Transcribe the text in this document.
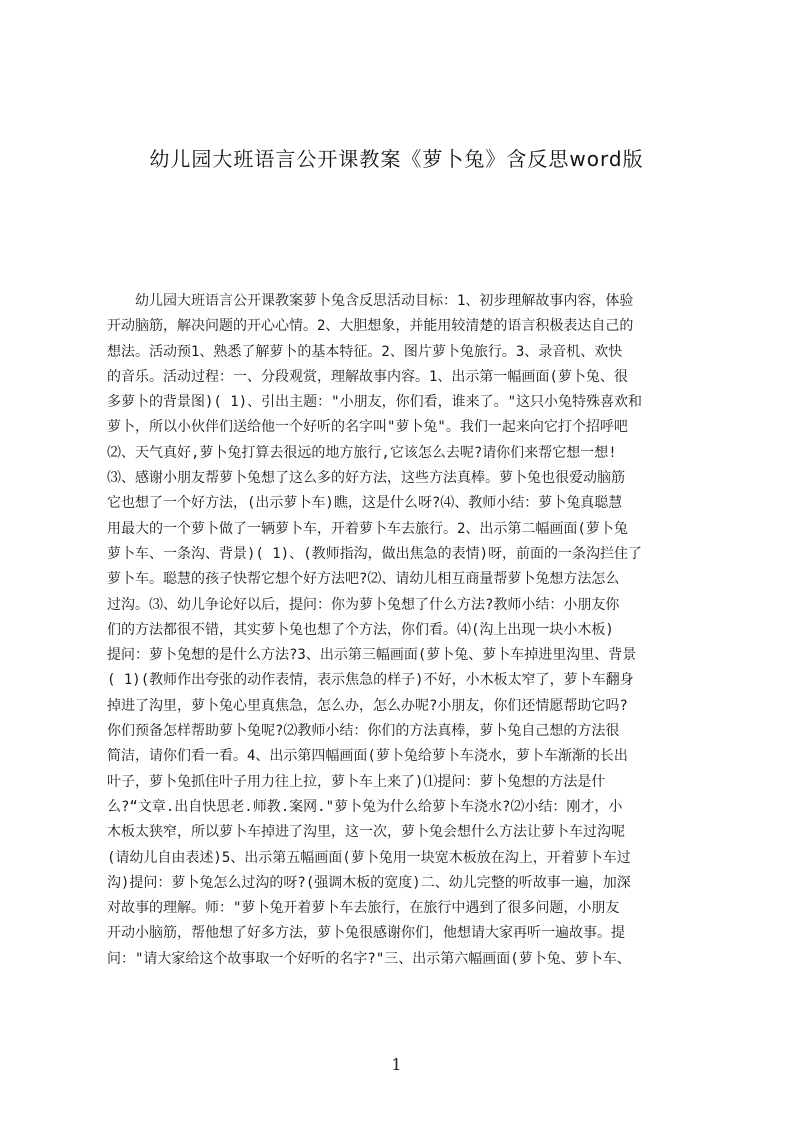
幼儿园大班语言公开课教案《萝卜兔》含反思word版
　　幼儿园大班语言公开课教案萝卜兔含反思活动目标：1、初步理解故事内容，体验
开动脑筋，解决问题的开心心情。2、大胆想象，并能用较清楚的语言积极表达自己的
想法。活动预1、熟悉了解萝卜的基本特征。2、图片萝卜兔旅行。3、录音机、欢快
的音乐。活动过程：一、分段观赏，理解故事内容。1、出示第一幅画面(萝卜兔、很
多萝卜的背景图)( 1)、引出主题："小朋友，你们看，谁来了。"这只小兔特殊喜欢和
萝卜，所以小伙伴们送给他一个好听的名字叫"萝卜兔"。我们一起来向它打个招呼吧
⑵、天气真好,萝卜兔打算去很远的地方旅行,它该怎么去呢?请你们来帮它想一想!
⑶、感谢小朋友帮萝卜兔想了这么多的好方法，这些方法真棒。萝卜兔也很爱动脑筋
它也想了一个好方法，(出示萝卜车)瞧，这是什么呀?⑷、教师小结：萝卜兔真聪慧
用最大的一个萝卜做了一辆萝卜车，开着萝卜车去旅行。2、出示第二幅画面(萝卜兔
萝卜车、一条沟、背景)( 1)、(教师指沟，做出焦急的表情)呀，前面的一条沟拦住了
萝卜车。聪慧的孩子快帮它想个好方法吧?⑵、请幼儿相互商量帮萝卜兔想方法怎么
过沟。⑶、幼儿争论好以后，提问：你为萝卜兔想了什么方法?教师小结：小朋友你
们的方法都很不错，其实萝卜兔也想了个方法，你们看。⑷(沟上出现一块小木板)
提问：萝卜兔想的是什么方法?3、出示第三幅画面(萝卜兔、萝卜车掉进里沟里、背景
( 1)(教师作出夸张的动作表情，表示焦急的样子)不好，小木板太窄了，萝卜车翻身
掉进了沟里，萝卜兔心里真焦急，怎么办，怎么办呢?小朋友，你们还情愿帮助它吗?
你们预备怎样帮助萝卜兔呢?⑵教师小结：你们的方法真棒，萝卜兔自己想的方法很
简洁，请你们看一看。4、出示第四幅画面(萝卜兔给萝卜车浇水，萝卜车渐渐的长出
叶子，萝卜兔抓住叶子用力往上拉，萝卜车上来了)⑴提问：萝卜兔想的方法是什
么?“文章.出自快思老.师教.案网."萝卜兔为什么给萝卜车浇水?⑵小结：刚才，小
木板太狭窄，所以萝卜车掉进了沟里，这一次，萝卜兔会想什么方法让萝卜车过沟呢
(请幼儿自由表述)5、出示第五幅画面(萝卜兔用一块宽木板放在沟上，开着萝卜车过
沟)提问：萝卜兔怎么过沟的呀?(强调木板的宽度)二、幼儿完整的听故事一遍，加深
对故事的理解。师："萝卜兔开着萝卜车去旅行，在旅行中遇到了很多问题，小朋友
开动小脑筋，帮他想了好多方法，萝卜兔很感谢你们，他想请大家再听一遍故事。提
问："请大家给这个故事取一个好听的名字?"三、出示第六幅画面(萝卜兔、萝卜车、
1
